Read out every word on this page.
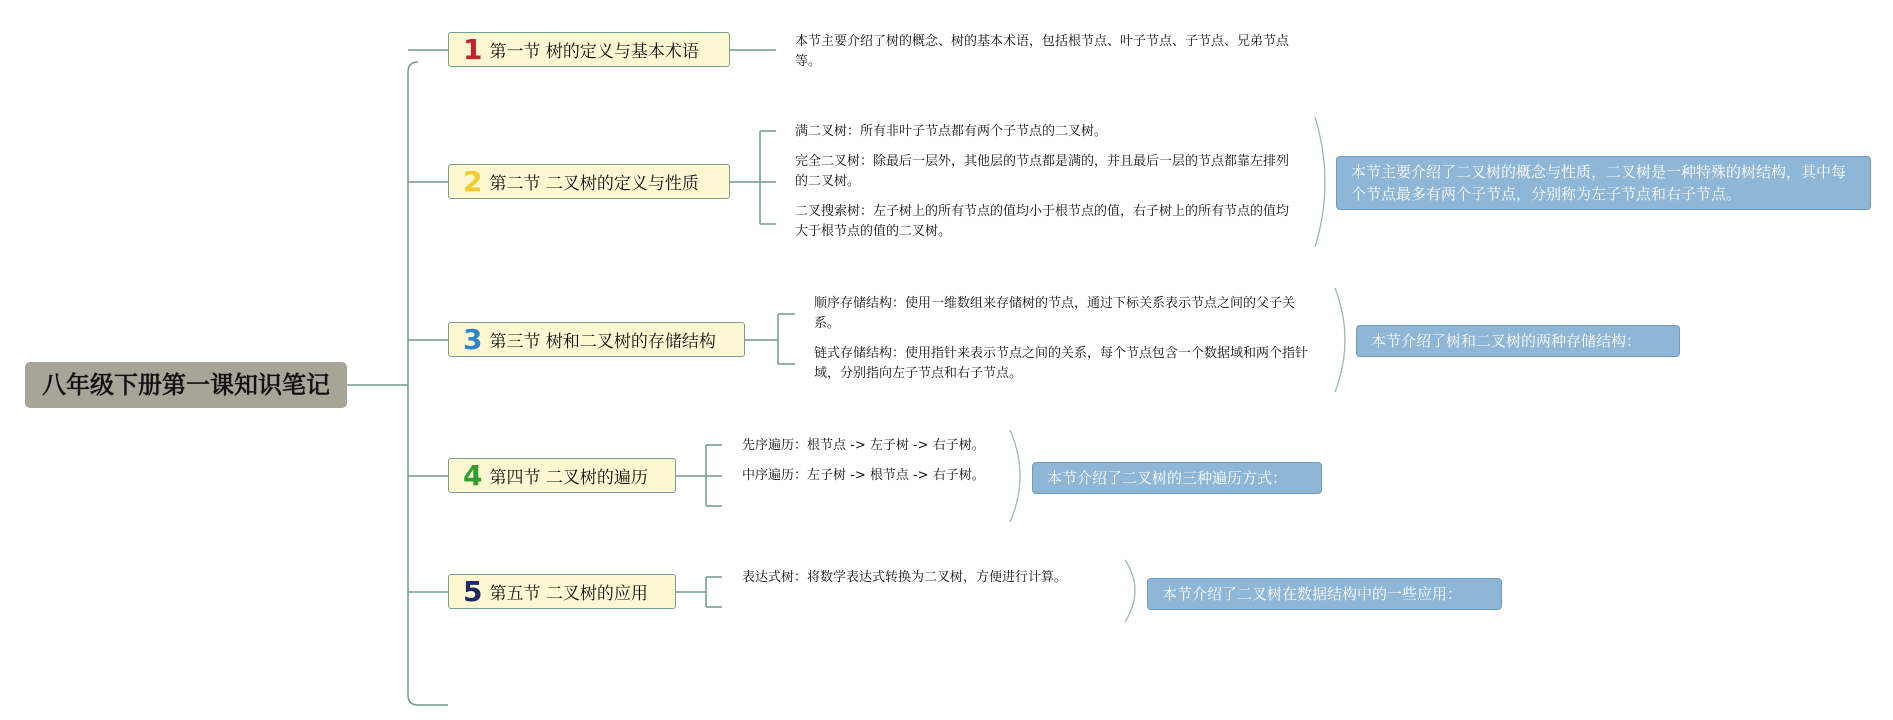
八年级下册第一课知识笔记
1 第一节 树的定义与基本术语
本节主要介绍了树的概念、树的基本术语，包括根节点、叶子节点、子节点、兄弟节点等。
2 第二节 二叉树的定义与性质
满二叉树：所有非叶子节点都有两个子节点的二叉树。
完全二叉树：除最后一层外，其他层的节点都是满的，并且最后一层的节点都靠左排列的二叉树。
二叉搜索树：左子树上的所有节点的值均小于根节点的值，右子树上的所有节点的值均大于根节点的值的二叉树。
本节主要介绍了二叉树的概念与性质，二叉树是一种特殊的树结构，其中每个节点最多有两个子节点，分别称为左子节点和右子节点。
3 第三节 树和二叉树的存储结构
顺序存储结构：使用一维数组来存储树的节点，通过下标关系表示节点之间的父子关系。
链式存储结构：使用指针来表示节点之间的关系，每个节点包含一个数据域和两个指针域，分别指向左子节点和右子节点。
本节介绍了树和二叉树的两种存储结构：
4 第四节 二叉树的遍历
先序遍历：根节点 -> 左子树 -> 右子树。
中序遍历：左子树 -> 根节点 -> 右子树。	本节介绍了二叉树的三种遍历方式：
5 第五节 二叉树的应用
表达式树：将数学表达式转换为二叉树，方便进行计算。
本节介绍了二叉树在数据结构中的一些应用：
